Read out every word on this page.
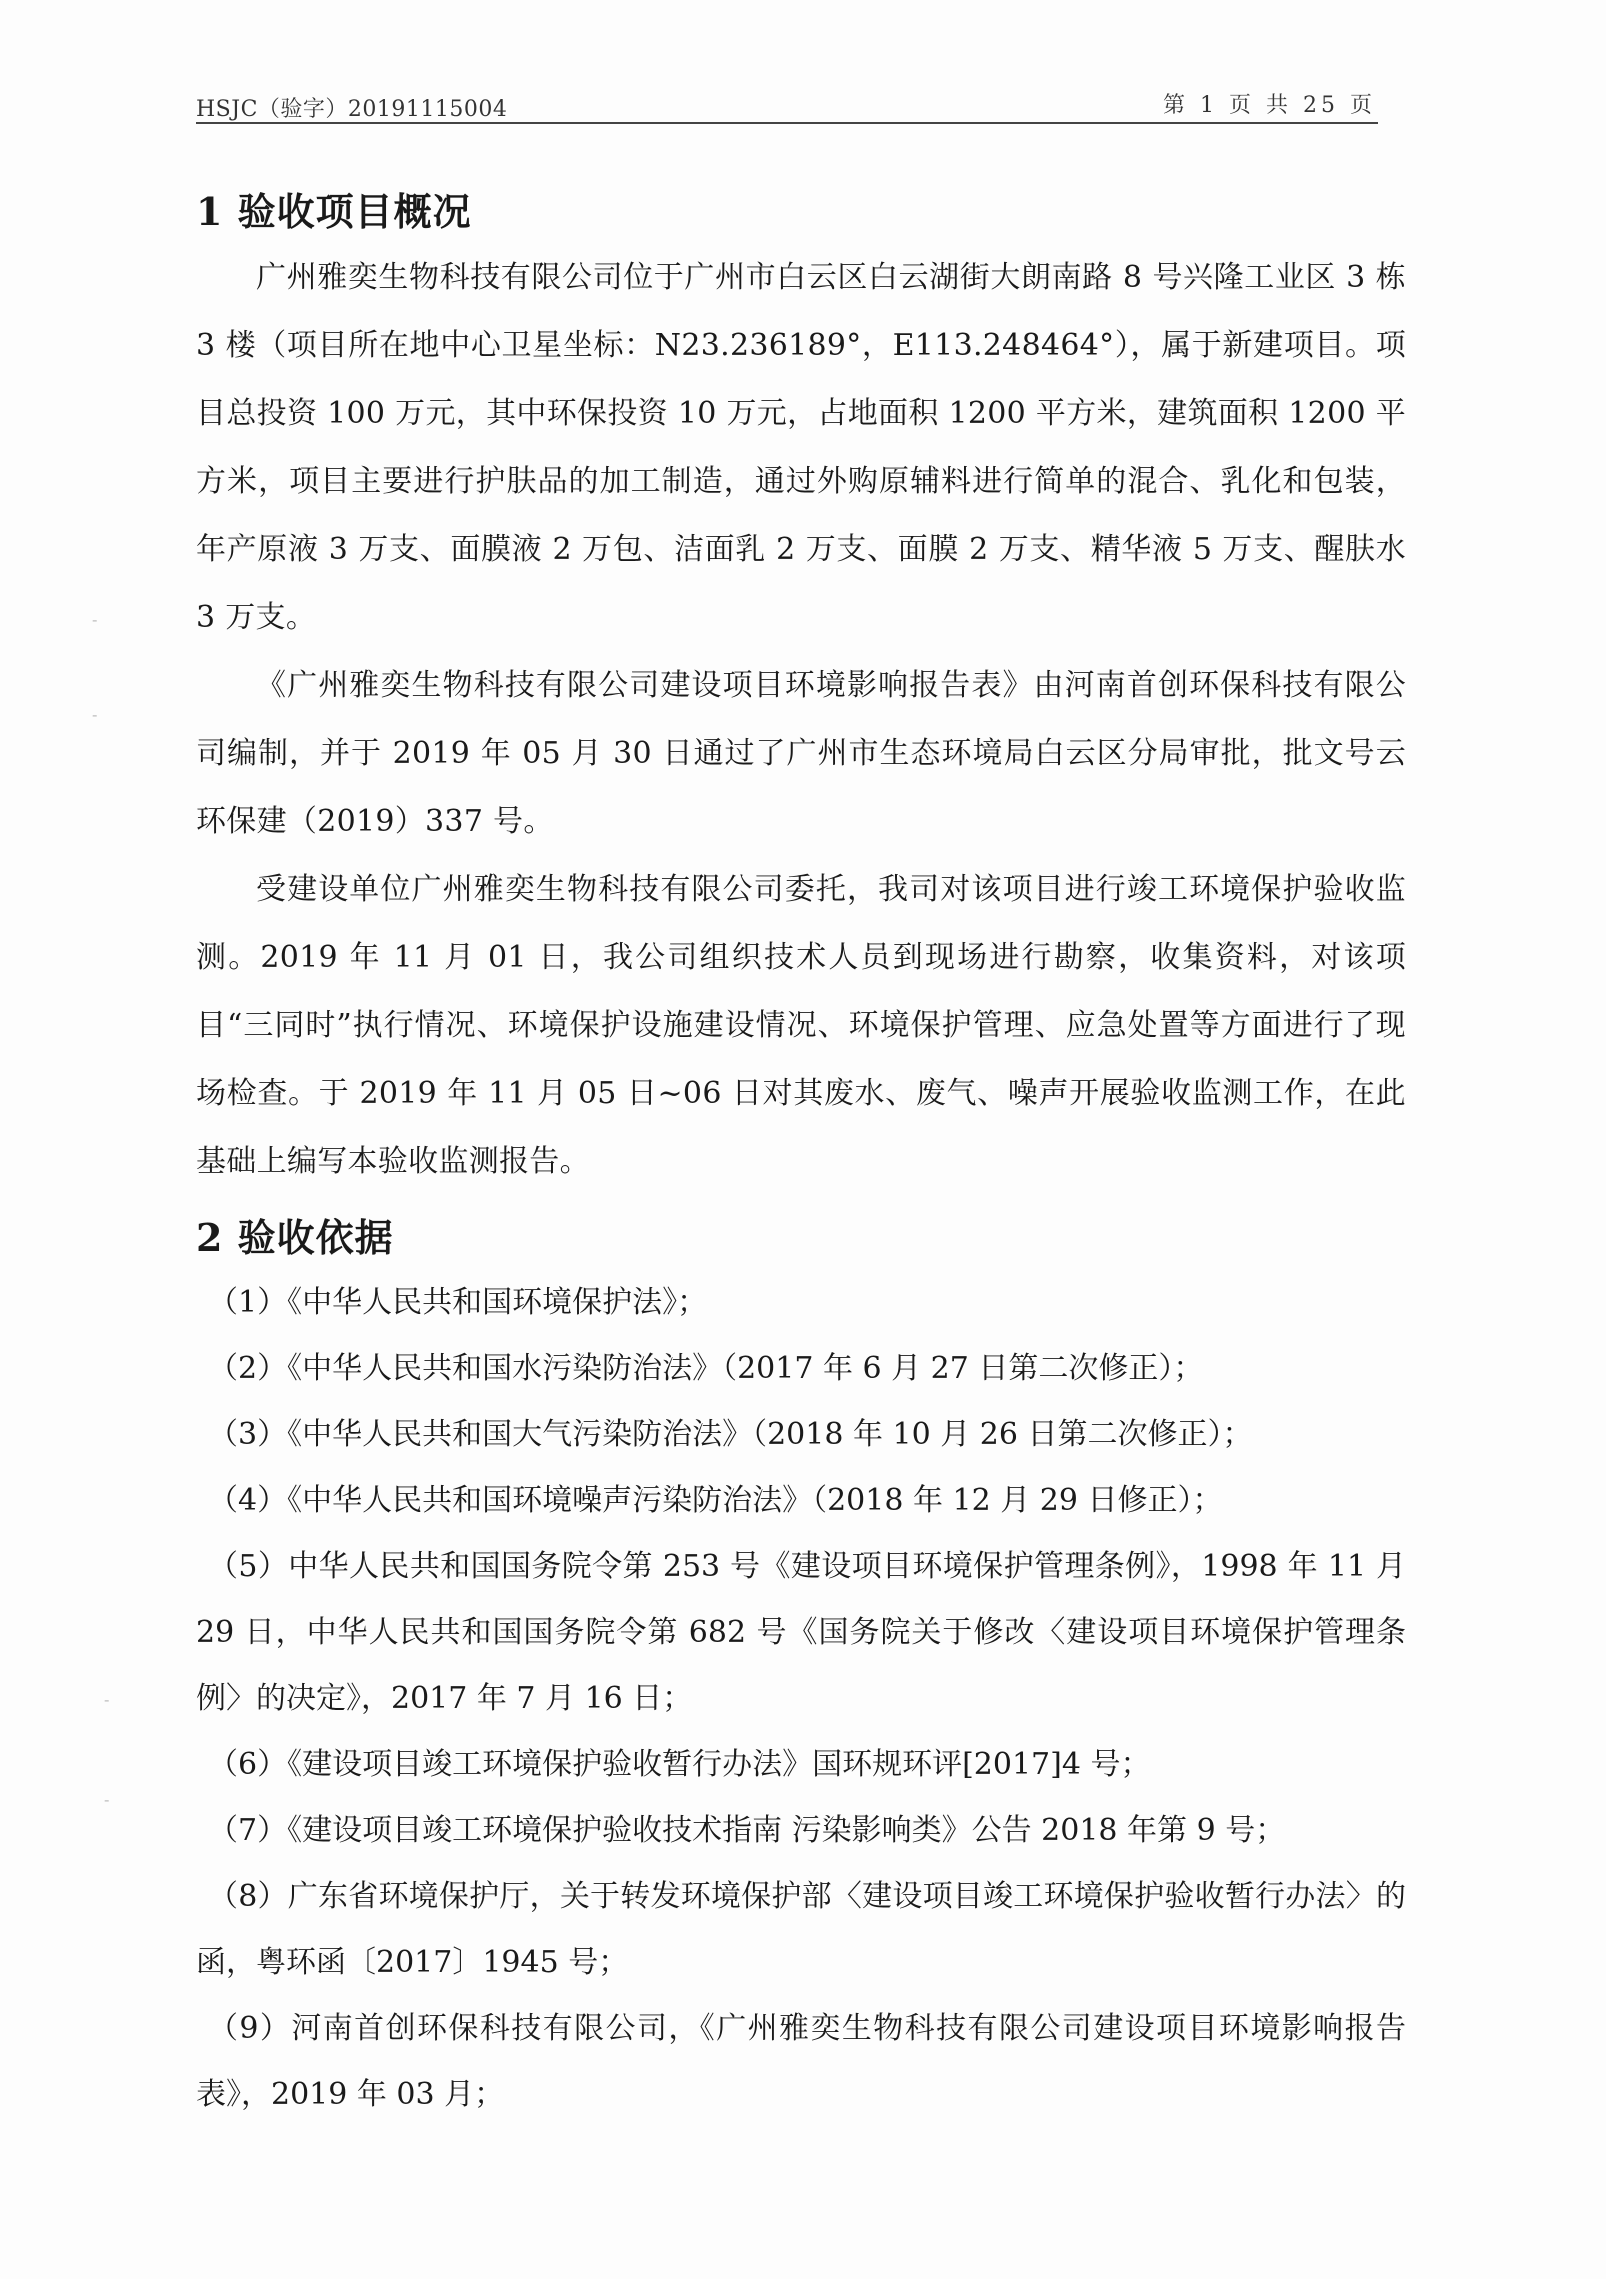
HSJC（验字）20191115004	第 1 页 共 25 页
-
-
-
-
1 验收项目概况

广州雅奕生物科技有限公司位于广州市白云区白云湖街大朗南路 8 号兴隆工业区 3 栋 3 楼（项目所在地中心卫星坐标：N23.236189°，E113.248464°），属于新建项目。项目总投资 100 万元，其中环保投资 10 万元，占地面积 1200 平方米，建筑面积 1200 平方米，项目主要进行护肤品的加工制造，通过外购原辅料进行简单的混合、乳化和包装，年产原液 3 万支、面膜液 2 万包、洁面乳 2 万支、面膜 2 万支、精华液 5 万支、醒肤水 3 万支。

《广州雅奕生物科技有限公司建设项目环境影响报告表》由河南首创环保科技有限公司编制，并于 2019 年 05 月 30 日通过了广州市生态环境局白云区分局审批，批文号云环保建（2019）337 号。

受建设单位广州雅奕生物科技有限公司委托，我司对该项目进行竣工环境保护验收监测。2019 年 11 月 01 日，我公司组织技术人员到现场进行勘察，收集资料，对该项目“三同时”执行情况、环境保护设施建设情况、环境保护管理、应急处置等方面进行了现场检查。于 2019 年 11 月 05 日~06 日对其废水、废气、噪声开展验收监测工作，在此基础上编写本验收监测报告。

2 验收依据

（1）《中华人民共和国环境保护法》；

（2）《中华人民共和国水污染防治法》（2017 年 6 月 27 日第二次修正）；

（3）《中华人民共和国大气污染防治法》（2018 年 10 月 26 日第二次修正）；

（4）《中华人民共和国环境噪声污染防治法》（2018 年 12 月 29 日修正）；

（5）中华人民共和国国务院令第 253 号《建设项目环境保护管理条例》，1998 年 11 月 29 日，中华人民共和国国务院令第 682 号《国务院关于修改〈建设项目环境保护管理条例〉的决定》，2017 年 7 月 16 日；

（6）《建设项目竣工环境保护验收暂行办法》国环规环评[2017]4 号；

（7）《建设项目竣工环境保护验收技术指南 污染影响类》公告 2018 年第 9 号；

（8）广东省环境保护厅，关于转发环境保护部〈建设项目竣工环境保护验收暂行办法〉的函，粤环函〔2017〕1945 号；

（9）河南首创环保科技有限公司，《广州雅奕生物科技有限公司建设项目环境影响报告表》，2019 年 03 月；
